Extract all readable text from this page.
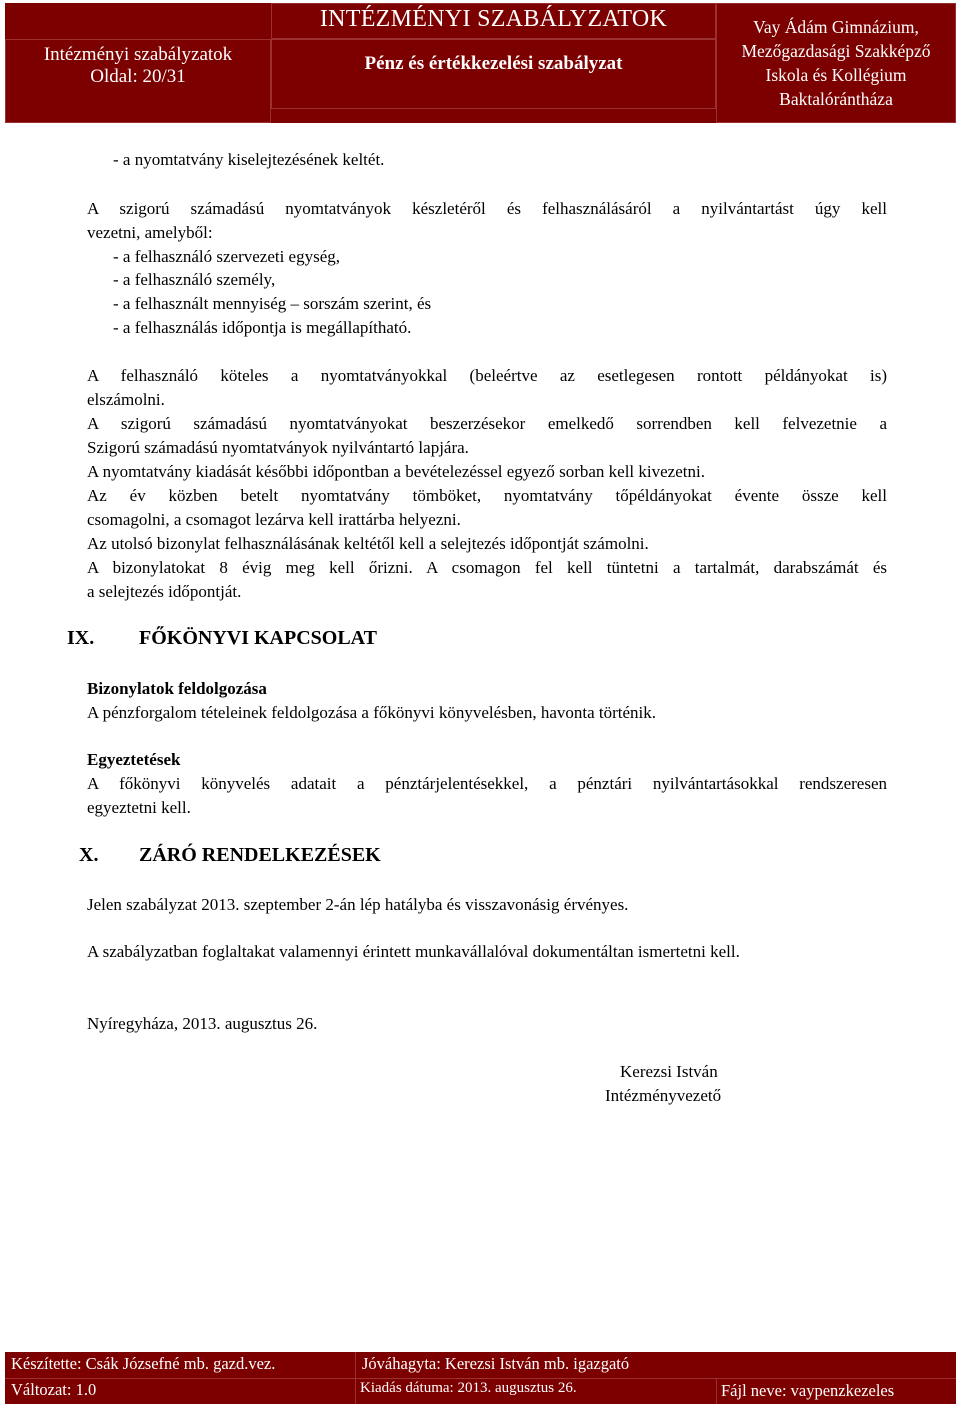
Intézményi szabályzatok
Oldal: 20/31
INTÉZMÉNYI SZABÁLYZATOK
Pénz és értékkezelési szabályzat
Vay Ádám Gimnázium,
Mezőgazdasági Szakképző
Iskola és Kollégium
Baktalórántháza
- a nyomtatvány kiselejtezésének keltét.
A szigorú számadású nyomtatványok készletéről és felhasználásáról a nyilvántartást úgy kell
vezetni, amelyből:
- a felhasználó szervezeti egység,
- a felhasználó személy,
- a felhasznált mennyiség – sorszám szerint, és
- a felhasználás időpontja is megállapítható.
A felhasználó köteles a nyomtatványokkal (beleértve az esetlegesen rontott példányokat is)
elszámolni.
A szigorú számadású nyomtatványokat beszerzésekor emelkedő sorrendben kell felvezetnie a
Szigorú számadású nyomtatványok nyilvántartó lapjára.
A nyomtatvány kiadását későbbi időpontban a bevételezéssel egyező sorban kell kivezetni.
Az év közben betelt nyomtatvány tömböket, nyomtatvány tőpéldányokat évente össze kell
csomagolni, a csomagot lezárva kell irattárba helyezni.
Az utolsó bizonylat felhasználásának keltétől kell a selejtezés időpontját számolni.
A bizonylatokat 8 évig meg kell őrizni. A csomagon fel kell tüntetni a tartalmát, darabszámát és
a selejtezés időpontját.
IX. FŐKÖNYVI KAPCSOLAT
Bizonylatok feldolgozása
A pénzforgalom tételeinek feldolgozása a főkönyvi könyvelésben, havonta történik.
Egyeztetések
A főkönyvi könyvelés adatait a pénztárjelentésekkel, a pénztári nyilvántartásokkal rendszeresen
egyeztetni kell.
X. ZÁRÓ RENDELKEZÉSEK
Jelen szabályzat 2013. szeptember 2-án lép hatályba és visszavonásig érvényes.
A szabályzatban foglaltakat valamennyi érintett munkavállalóval dokumentáltan ismertetni kell.
Nyíregyháza, 2013. augusztus 26.
Kerezsi István
Intézményvezető
Készítette: Csák Józsefné mb. gazd.vez.	Jóváhagyta: Kerezsi István mb. igazgató
Változat: 1.0	Kiadás dátuma: 2013. augusztus 26.	Fájl neve: vaypenzkezeles
